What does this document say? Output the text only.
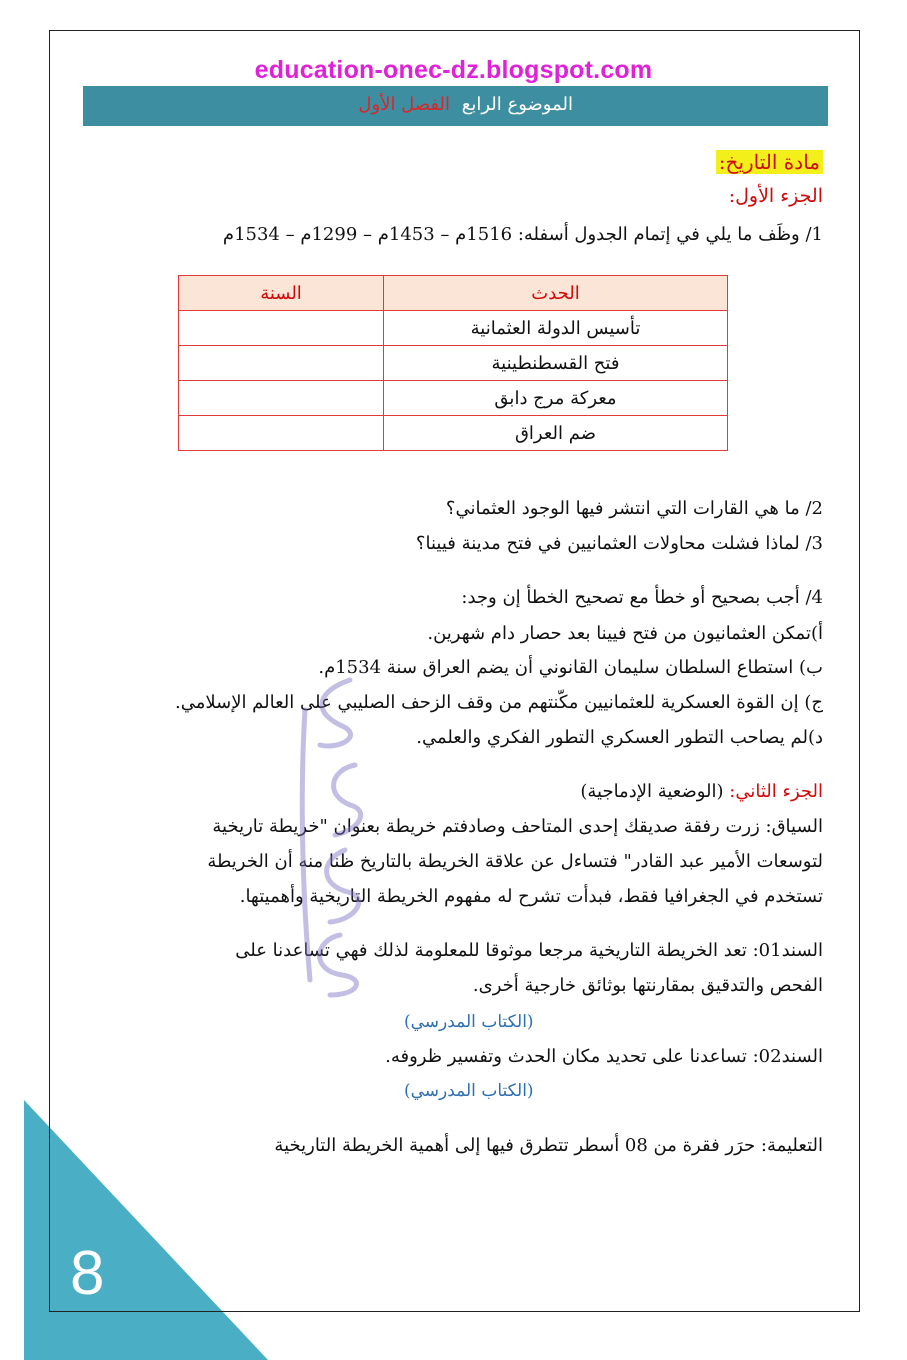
education-onec-dz.blogspot.com
الموضوع الرابع الفصل الأول
مادة التاريخ:
الجزء الأول:
1/ وظَف ما يلي في إتمام الجدول أسفله: 1516م – 1453م – 1299م – 1534م
الحدث	السنة
تأسيس الدولة العثمانية	
فتح القسطنطينية	
معركة مرج دابق	
ضم العراق	
2/ ما هي القارات التي انتشر فيها الوجود العثماني؟
3/ لماذا فشلت محاولات العثمانيين في فتح مدينة فيينا؟
4/ أجب بصحيح أو خطأ مع تصحيح الخطأ إن وجد:
أ)تمكن العثمانيون من فتح فيينا بعد حصار دام شهرين.
ب) استطاع السلطان سليمان القانوني أن يضم العراق سنة 1534م.
ج) إن القوة العسكرية للعثمانيين مكّنتهم من وقف الزحف الصليبي على العالم الإسلامي.
د)لم يصاحب التطور العسكري التطور الفكري والعلمي.
الجزء الثاني: (الوضعية الإدماجية)
السياق: زرت رفقة صديقك إحدى المتاحف وصادفتم خريطة بعنوان "خريطة تاريخية
لتوسعات الأمير عبد القادر" فتساءل عن علاقة الخريطة بالتاريخ ظنا منه أن الخريطة
تستخدم في الجغرافيا فقط، فبدأت تشرح له مفهوم الخريطة التاريخية وأهميتها.
السند01: تعد الخريطة التاريخية مرجعا موثوقا للمعلومة لذلك فهي تساعدنا على
الفحص والتدقيق بمقارنتها بوثائق خارجية أخرى.
(الكتاب المدرسي)
السند02: تساعدنا على تحديد مكان الحدث وتفسير ظروفه.
(الكتاب المدرسي)
التعليمة: حرَر فقرة من 08 أسطر تتطرق فيها إلى أهمية الخريطة التاريخية
8
